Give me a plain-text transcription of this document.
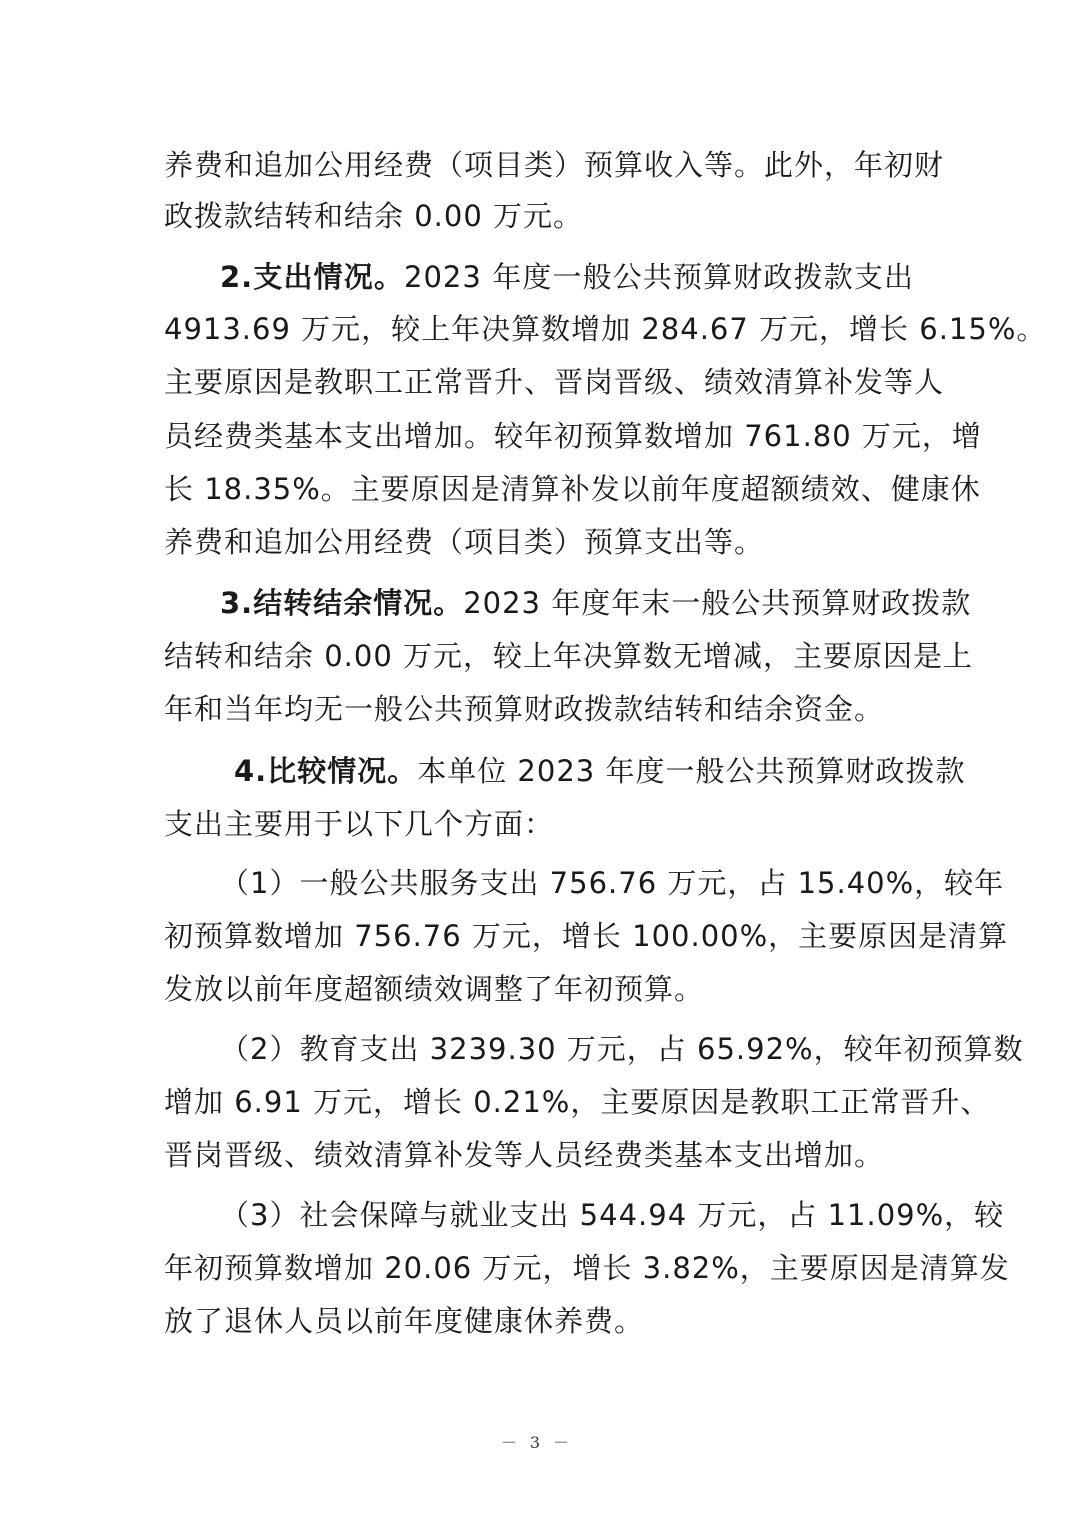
养费和追加公用经费（项目类）预算收入等。此外，年初财
政拨款结转和结余 0.00 万元。
2.支出情况。2023 年度一般公共预算财政拨款支出
4913.69 万元，较上年决算数增加 284.67 万元，增长 6.15%。
主要原因是教职工正常晋升、晋岗晋级、绩效清算补发等人
员经费类基本支出增加。较年初预算数增加 761.80 万元，增
长 18.35%。主要原因是清算补发以前年度超额绩效、健康休
养费和追加公用经费（项目类）预算支出等。
3.结转结余情况。2023 年度年末一般公共预算财政拨款
结转和结余 0.00 万元，较上年决算数无增减，主要原因是上
年和当年均无一般公共预算财政拨款结转和结余资金。
4.比较情况。本单位 2023 年度一般公共预算财政拨款
支出主要用于以下几个方面：
（1）一般公共服务支出 756.76 万元，占 15.40%，较年
初预算数增加 756.76 万元，增长 100.00%，主要原因是清算
发放以前年度超额绩效调整了年初预算。
（2）教育支出 3239.30 万元，占 65.92%，较年初预算数
增加 6.91 万元，增长 0.21%，主要原因是教职工正常晋升、
晋岗晋级、绩效清算补发等人员经费类基本支出增加。
（3）社会保障与就业支出 544.94 万元，占 11.09%，较
年初预算数增加 20.06 万元，增长 3.82%，主要原因是清算发
放了退休人员以前年度健康休养费。
－ 3 －
